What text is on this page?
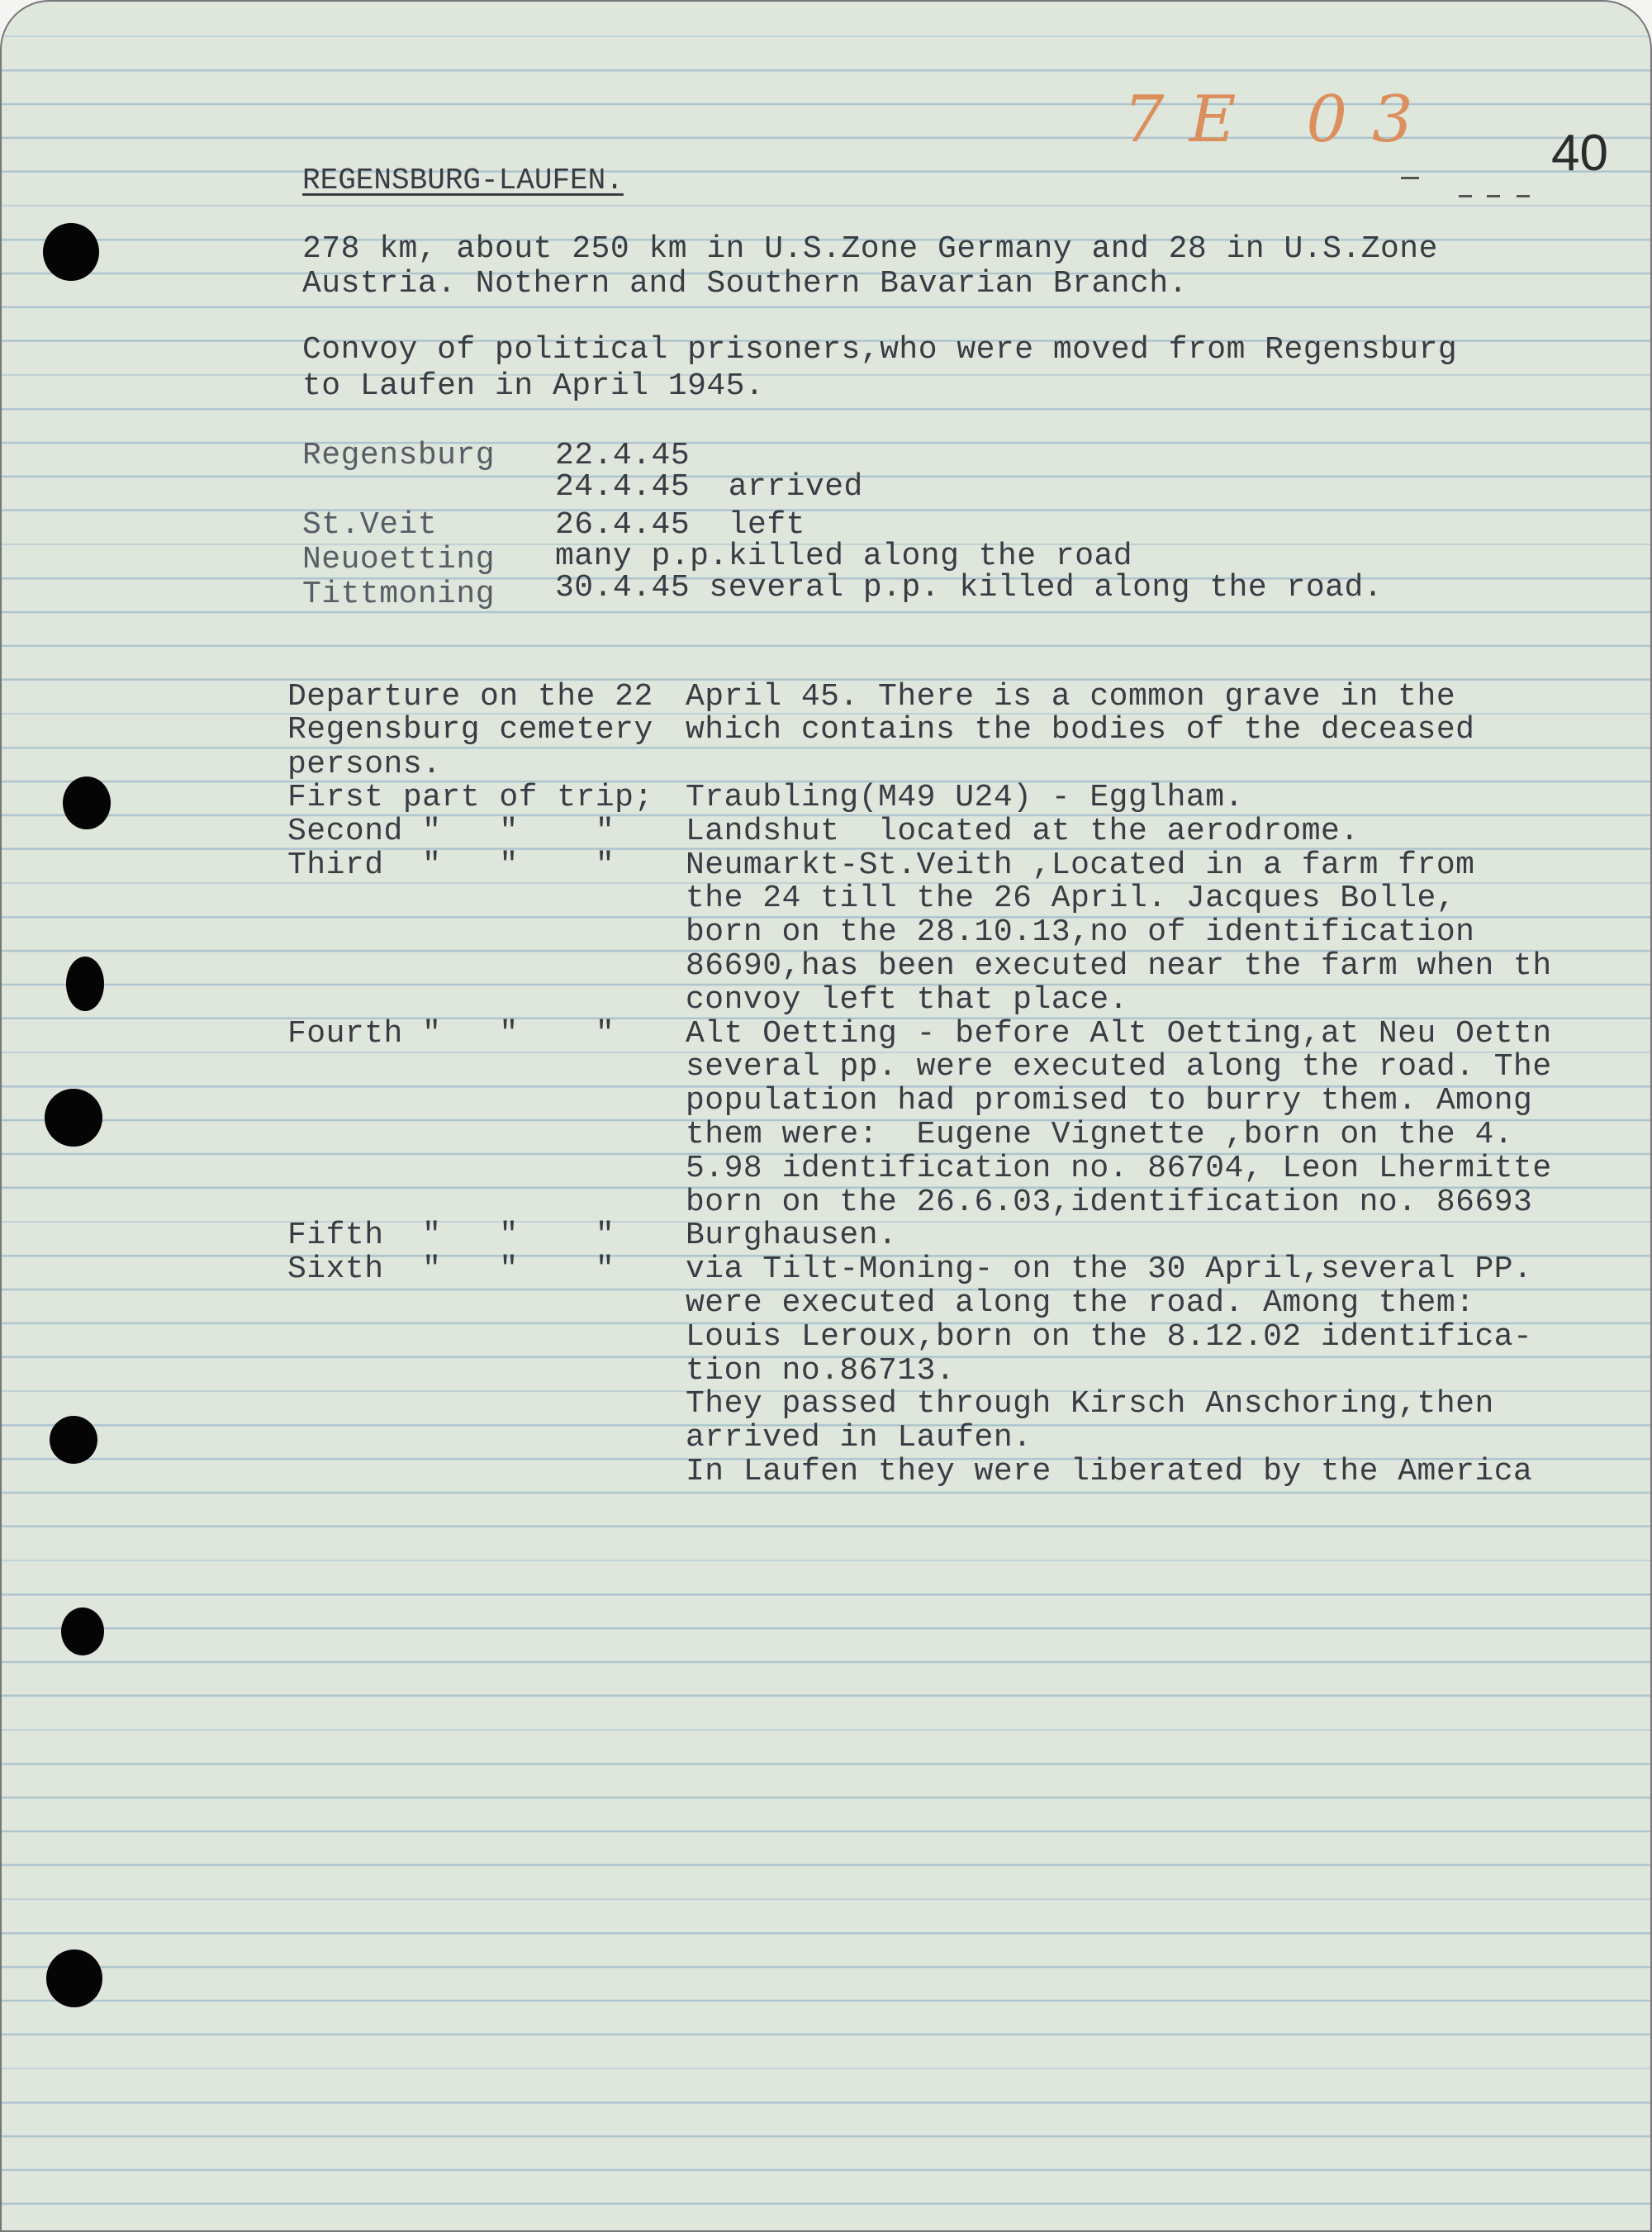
7E 03 40
REGENSBURG-LAUFEN.
278 km, about 250 km in U.S.Zone Germany and 28 in U.S.Zone
Austria. Nothern and Southern Bavarian Branch.
Convoy of political prisoners,who were moved from Regensburg
to Laufen in April 1945.
Regensburg 22.4.45
24.4.45  arrived
St.Veit	26.4.45  left
Neuoetting many p.p.killed along the road
Tittmoning 30.4.45 several p.p. killed along the road.
Departure on the 22
Regensburg cemetery
persons.
April 45. There is a common grave in the
which contains the bodies of the deceased
First part of trip; Traubling(M49 U24) - Egglham.
Second "   "    " Landshut  located at the aerodrome.
Third  "   "    " Neumarkt-St.Veith ,Located in a farm from
the 24 till the 26 April. Jacques Bolle,
born on the 28.10.13,no of identification
86690,has been executed near the farm when th
convoy left that place.
Fourth "   "    " Alt Oetting - before Alt Oetting,at Neu Oettn
several pp. were executed along the road. The
population had promised to burry them. Among
them were:  Eugene Vignette ,born on the 4.
5.98 identification no. 86704, Leon Lhermitte
born on the 26.6.03,identification no. 86693
Fifth  "   "    " Burghausen.
Sixth  "   "    " via Tilt-Moning- on the 30 April,several PP.
were executed along the road. Among them:
Louis Leroux,born on the 8.12.02 identifica-
tion no.86713.
They passed through Kirsch Anschoring,then
arrived in Laufen.
In Laufen they were liberated by the America
